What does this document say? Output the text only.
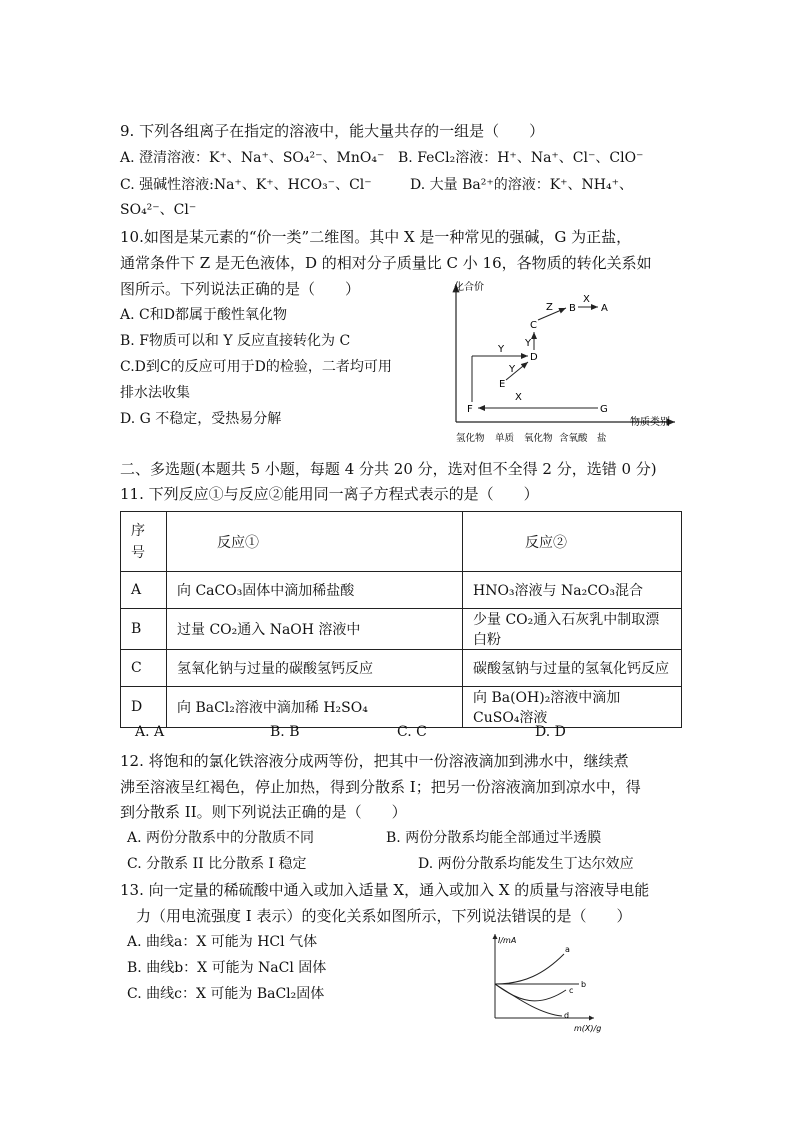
9. 下列各组离子在指定的溶液中，能大量共存的一组是（　　）
A. 澄清溶液：K⁺、Na⁺、SO₄²⁻、MnO₄⁻ B. FeCl₂溶液：H⁺、Na⁺、Cl⁻、ClO⁻
C. 强碱性溶液:Na⁺、K⁺、HCO₃⁻、Cl⁻	D. 大量 Ba²⁺的溶液：K⁺、NH₄⁺、
SO₄²⁻、Cl⁻
10.如图是某元素的“价一类”二维图。其中 X 是一种常见的强碱，G 为正盐，
通常条件下 Z 是无色液体，D 的相对分子质量比 C 小 16，各物质的转化关系如
图所示。下列说法正确的是（　　）
A. C和D都属于酸性氧化物
B. F物质可以和 Y 反应直接转化为 C
C.D到C的反应可用于D的检验，二者均可用
排水法收集
D. G 不稳定，受热易分解
化合价
物质类别
氢化物 单质 氧化物 含氧酸 盐
F
E
D
C
B	A
G
X
Y
Y
Y
Z
X
二、多选题(本题共 5 小题，每题 4 分共 20 分，选对但不全得 2 分，选错 0 分)
11. 下列反应①与反应②能用同一离子方程式表示的是（　　）
序号	反应①	反应②
A	向 CaCO₃固体中滴加稀盐酸	HNO₃溶液与 Na₂CO₃混合
B	过量 CO₂通入 NaOH 溶液中	少量 CO₂通入石灰乳中制取漂白粉
C	氢氧化钠与过量的碳酸氢钙反应	碳酸氢钠与过量的氢氧化钙反应
D	向 BaCl₂溶液中滴加稀 H₂SO₄	向 Ba(OH)₂溶液中滴加 CuSO₄溶液
A. A	B. B	C. C	D. D
12. 将饱和的氯化铁溶液分成两等份，把其中一份溶液滴加到沸水中，继续煮
沸至溶液呈红褐色，停止加热，得到分散系 I；把另一份溶液滴加到凉水中，得
到分散系 II。则下列说法正确的是（　　）
A. 两份分散系中的分散质不同	B. 两份分散系均能全部通过半透膜
C. 分散系 II 比分散系 I 稳定	D. 两份分散系均能发生丁达尔效应
13. 向一定量的稀硫酸中通入或加入适量 X，通入或加入 X 的质量与溶液导电能
力（用电流强度 I 表示）的变化关系如图所示，下列说法错误的是（　　）
A. 曲线a：X 可能为 HCl 气体
B. 曲线b：X 可能为 NaCl 固体
C. 曲线c：X 可能为 BaCl₂固体
I/mA
m(X)/g
a
b
c
d
